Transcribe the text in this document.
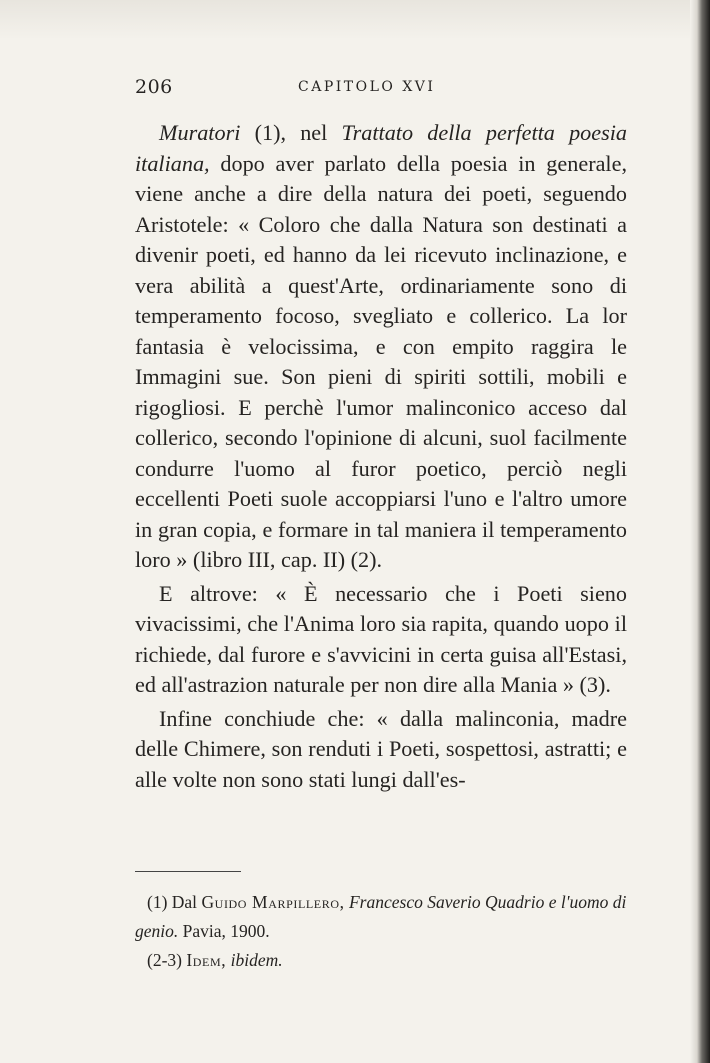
206	CAPITOLO XVI

Muratori (1), nel Trattato della perfetta poesia italiana, dopo aver parlato della poesia in generale, viene anche a dire della natura dei poeti, seguendo Aristotele: « Coloro che dalla Natura son destinati a divenir poeti, ed hanno da lei ricevuto inclinazione, e vera abilità a quest'Arte, ordinariamente sono di temperamento focoso, svegliato e collerico. La lor fantasia è velocissima, e con empito raggira le Immagini sue. Son pieni di spiriti sottili, mobili e rigogliosi. E perchè l'umor malinconico acceso dal collerico, secondo l'opinione di alcuni, suol facilmente condurre l'uomo al furor poetico, perciò negli eccellenti Poeti suole accoppiarsi l'uno e l'altro umore in gran copia, e formare in tal maniera il temperamento loro » (libro III, cap. II) (2).

E altrove: « È necessario che i Poeti sieno vivacissimi, che l'Anima loro sia rapita, quando uopo il richiede, dal furore e s'avvicini in certa guisa all'Estasi, ed all'astrazion naturale per non dire alla Mania » (3).

Infine conchiude che: « dalla malinconia, madre delle Chimere, son renduti i Poeti, sospettosi, astratti; e alle volte non sono stati lungi dall'es-

(1) Dal Guido Marpillero, Francesco Saverio Quadrio e l'uomo di genio. Pavia, 1900.

(2-3) Idem, ibidem.
